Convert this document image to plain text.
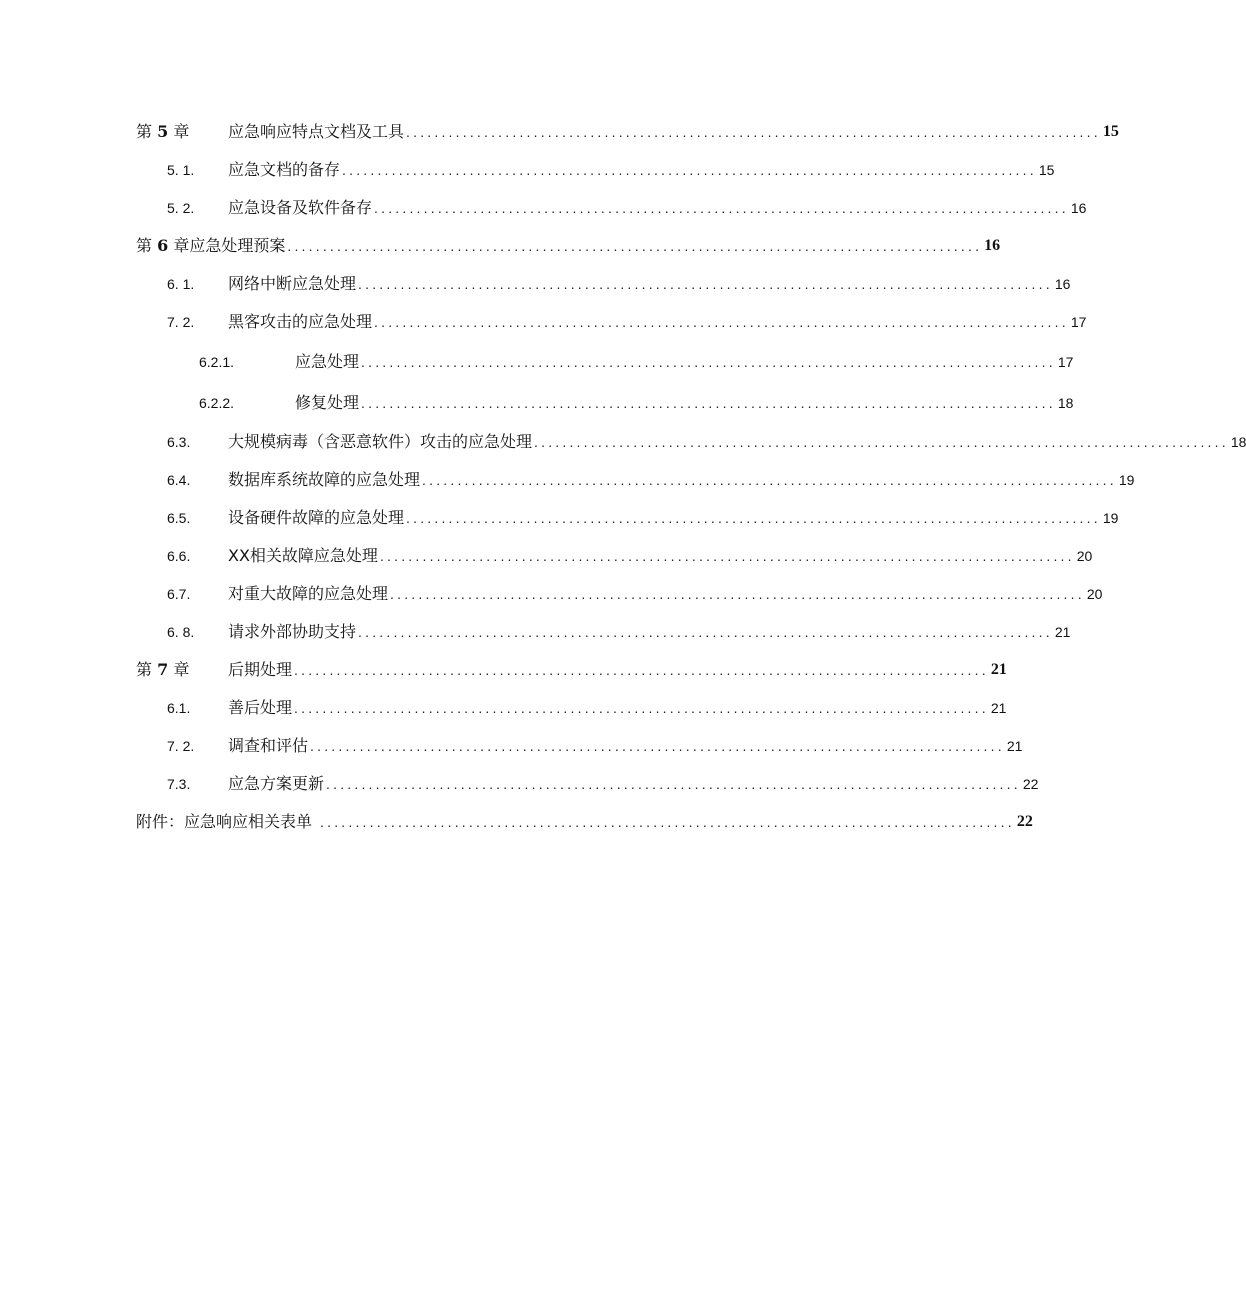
第 5 章	应急响应特点文档及工具 .................................................................................................. 15
5. 1.	应急文档的备存 .................................................................................................. 15
5. 2.	应急设备及软件备存 .................................................................................................. 16
第 6 章 应急处理预案 .................................................................................................. 16
6. 1.	网络中断应急处理 .................................................................................................. 16
7. 2.	黑客攻击的应急处理 .................................................................................................. 17
6.2.1.	应急处理 .................................................................................................. 17
6.2.2.	修复处理 .................................................................................................. 18
6.3.	大规模病毒（含恶意软件）攻击的应急处理 .................................................................................................. 18
6.4.	数据库系统故障的应急处理 .................................................................................................. 19
6.5.	设备硬件故障的应急处理 .................................................................................................. 19
6.6.	XX相关故障应急处理 .................................................................................................. 20
6.7.	对重大故障的应急处理 .................................................................................................. 20
6. 8.	请求外部协助支持 .................................................................................................. 21
第 7 章	后期处理 .................................................................................................. 21
6.1.	善后处理 .................................................................................................. 21
7. 2.	调查和评估 .................................................................................................. 21
7.3.	应急方案更新 .................................................................................................. 22
附件：应急响应相关表单 .................................................................................................. 22
